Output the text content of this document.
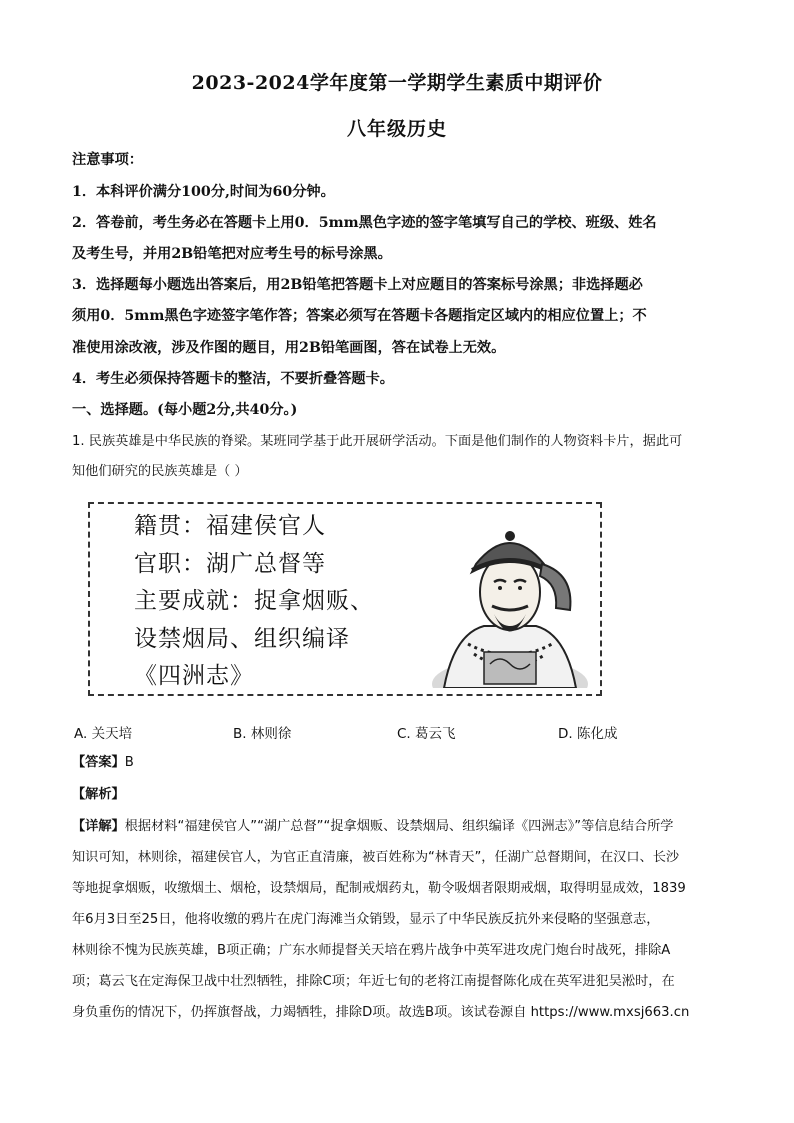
2023-2024学年度第一学期学生素质中期评价
八年级历史
注意事项：
1．本科评价满分100分,时间为60分钟。
2．答卷前，考生务必在答题卡上用0．5mm黑色字迹的签字笔填写自己的学校、班级、姓名
及考生号，并用2B铅笔把对应考生号的标号涂黑。
3．选择题每小题选出答案后，用2B铅笔把答题卡上对应题目的答案标号涂黑；非选择题必
须用0．5mm黑色字迹签字笔作答；答案必须写在答题卡各题指定区域内的相应位置上；不
准使用涂改液，涉及作图的题目，用2B铅笔画图，答在试卷上无效。
4．考生必须保持答题卡的整洁，不要折叠答题卡。
一、选择题。(每小题2分,共40分。)
1. 民族英雄是中华民族的脊梁。某班同学基于此开展研学活动。下面是他们制作的人物资料卡片，据此可
知他们研究的民族英雄是（ ）
籍贯：福建侯官人
官职：湖广总督等
主要成就：捉拿烟贩、
设禁烟局、组织编译
《四洲志》
A. 关天培	B. 林则徐	C. 葛云飞	D. 陈化成
【答案】B
【解析】
【详解】根据材料“福建侯官人”“湖广总督”“捉拿烟贩、设禁烟局、组织编译《四洲志》”等信息结合所学
知识可知，林则徐，福建侯官人，为官正直清廉，被百姓称为“林青天”，任湖广总督期间，在汉口、长沙
等地捉拿烟贩，收缴烟土、烟枪，设禁烟局，配制戒烟药丸，勒令吸烟者限期戒烟，取得明显成效，1839
年6月3日至25日，他将收缴的鸦片在虎门海滩当众销毁，显示了中华民族反抗外来侵略的坚强意志，
林则徐不愧为民族英雄，B项正确；广东水师提督关天培在鸦片战争中英军进攻虎门炮台时战死，排除A
项；葛云飞在定海保卫战中壮烈牺牲，排除C项；年近七旬的老将江南提督陈化成在英军进犯吴淞时，在
身负重伤的情况下，仍挥旗督战，力竭牺牲，排除D项。故选B项。该试卷源自 https://www.mxsj663.cn
